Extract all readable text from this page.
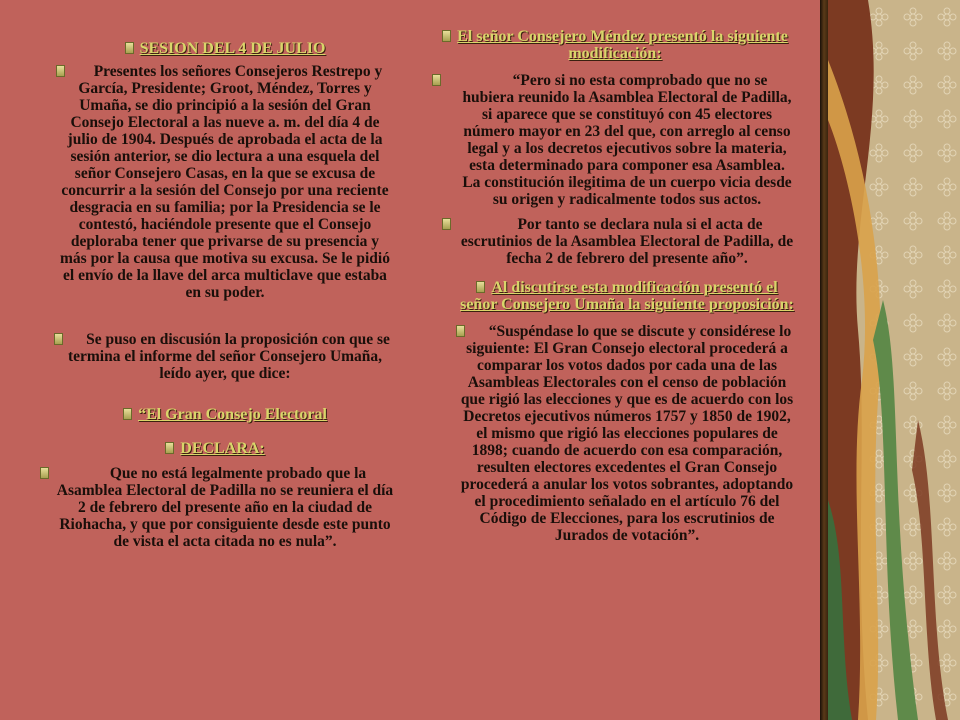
SESION DEL 4 DE JULIO

Presentes los señores Consejeros Restrepo y García, Presidente; Groot, Méndez, Torres y Umaña, se dio principió a la sesión del Gran Consejo Electoral a las nueve a. m. del día 4 de julio de 1904. Después de aprobada el acta de la sesión anterior, se dio lectura a una esquela del señor Consejero Casas, en la que se excusa de concurrir a la sesión del Consejo por una reciente desgracia en su familia; por la Presidencia se le contestó, haciéndole presente que el Consejo deploraba tener que privarse de su presencia y más por la causa que motiva su excusa. Se le pidió el envío de la llave del arca multiclave que estaba en su poder.

Se puso en discusión la proposición con que se termina el informe del señor Consejero Umaña, leído ayer, que dice:

“El Gran Consejo Electoral

DECLARA:

Que no está legalmente probado que la Asamblea Electoral de Padilla no se reuniera el día 2 de febrero del presente año en la ciudad de Riohacha, y que por consiguiente desde este punto de vista el acta citada no es nula”.

El señor Consejero Méndez presentó la siguiente modificación:

“Pero si no esta comprobado que no se hubiera reunido la Asamblea Electoral de Padilla, si aparece que se constituyó con 45 electores número mayor en 23 del que, con arreglo al censo legal y a los decretos ejecutivos sobre la materia, esta determinado para componer esa Asamblea. La constitución ilegitima de un cuerpo vicia desde su origen y radicalmente todos sus actos.

Por tanto se declara nula si el acta de escrutinios de la Asamblea Electoral de Padilla, de fecha 2 de febrero del presente año”.

Al discutirse esta modificación presentó el señor Consejero Umaña la siguiente proposición:

“Suspéndase lo que se discute y considérese lo siguiente: El Gran Consejo electoral procederá a comparar los votos dados por cada una de las Asambleas Electorales con el censo de población que rigió las elecciones y que es de acuerdo con los Decretos ejecutivos números 1757 y 1850 de 1902, el mismo que rigió las elecciones populares de 1898; cuando de acuerdo con esa comparación, resulten electores excedentes el Gran Consejo procederá a anular los votos sobrantes, adoptando el procedimiento señalado en el artículo 76 del Código de Elecciones, para los escrutinios de Jurados de votación”.
